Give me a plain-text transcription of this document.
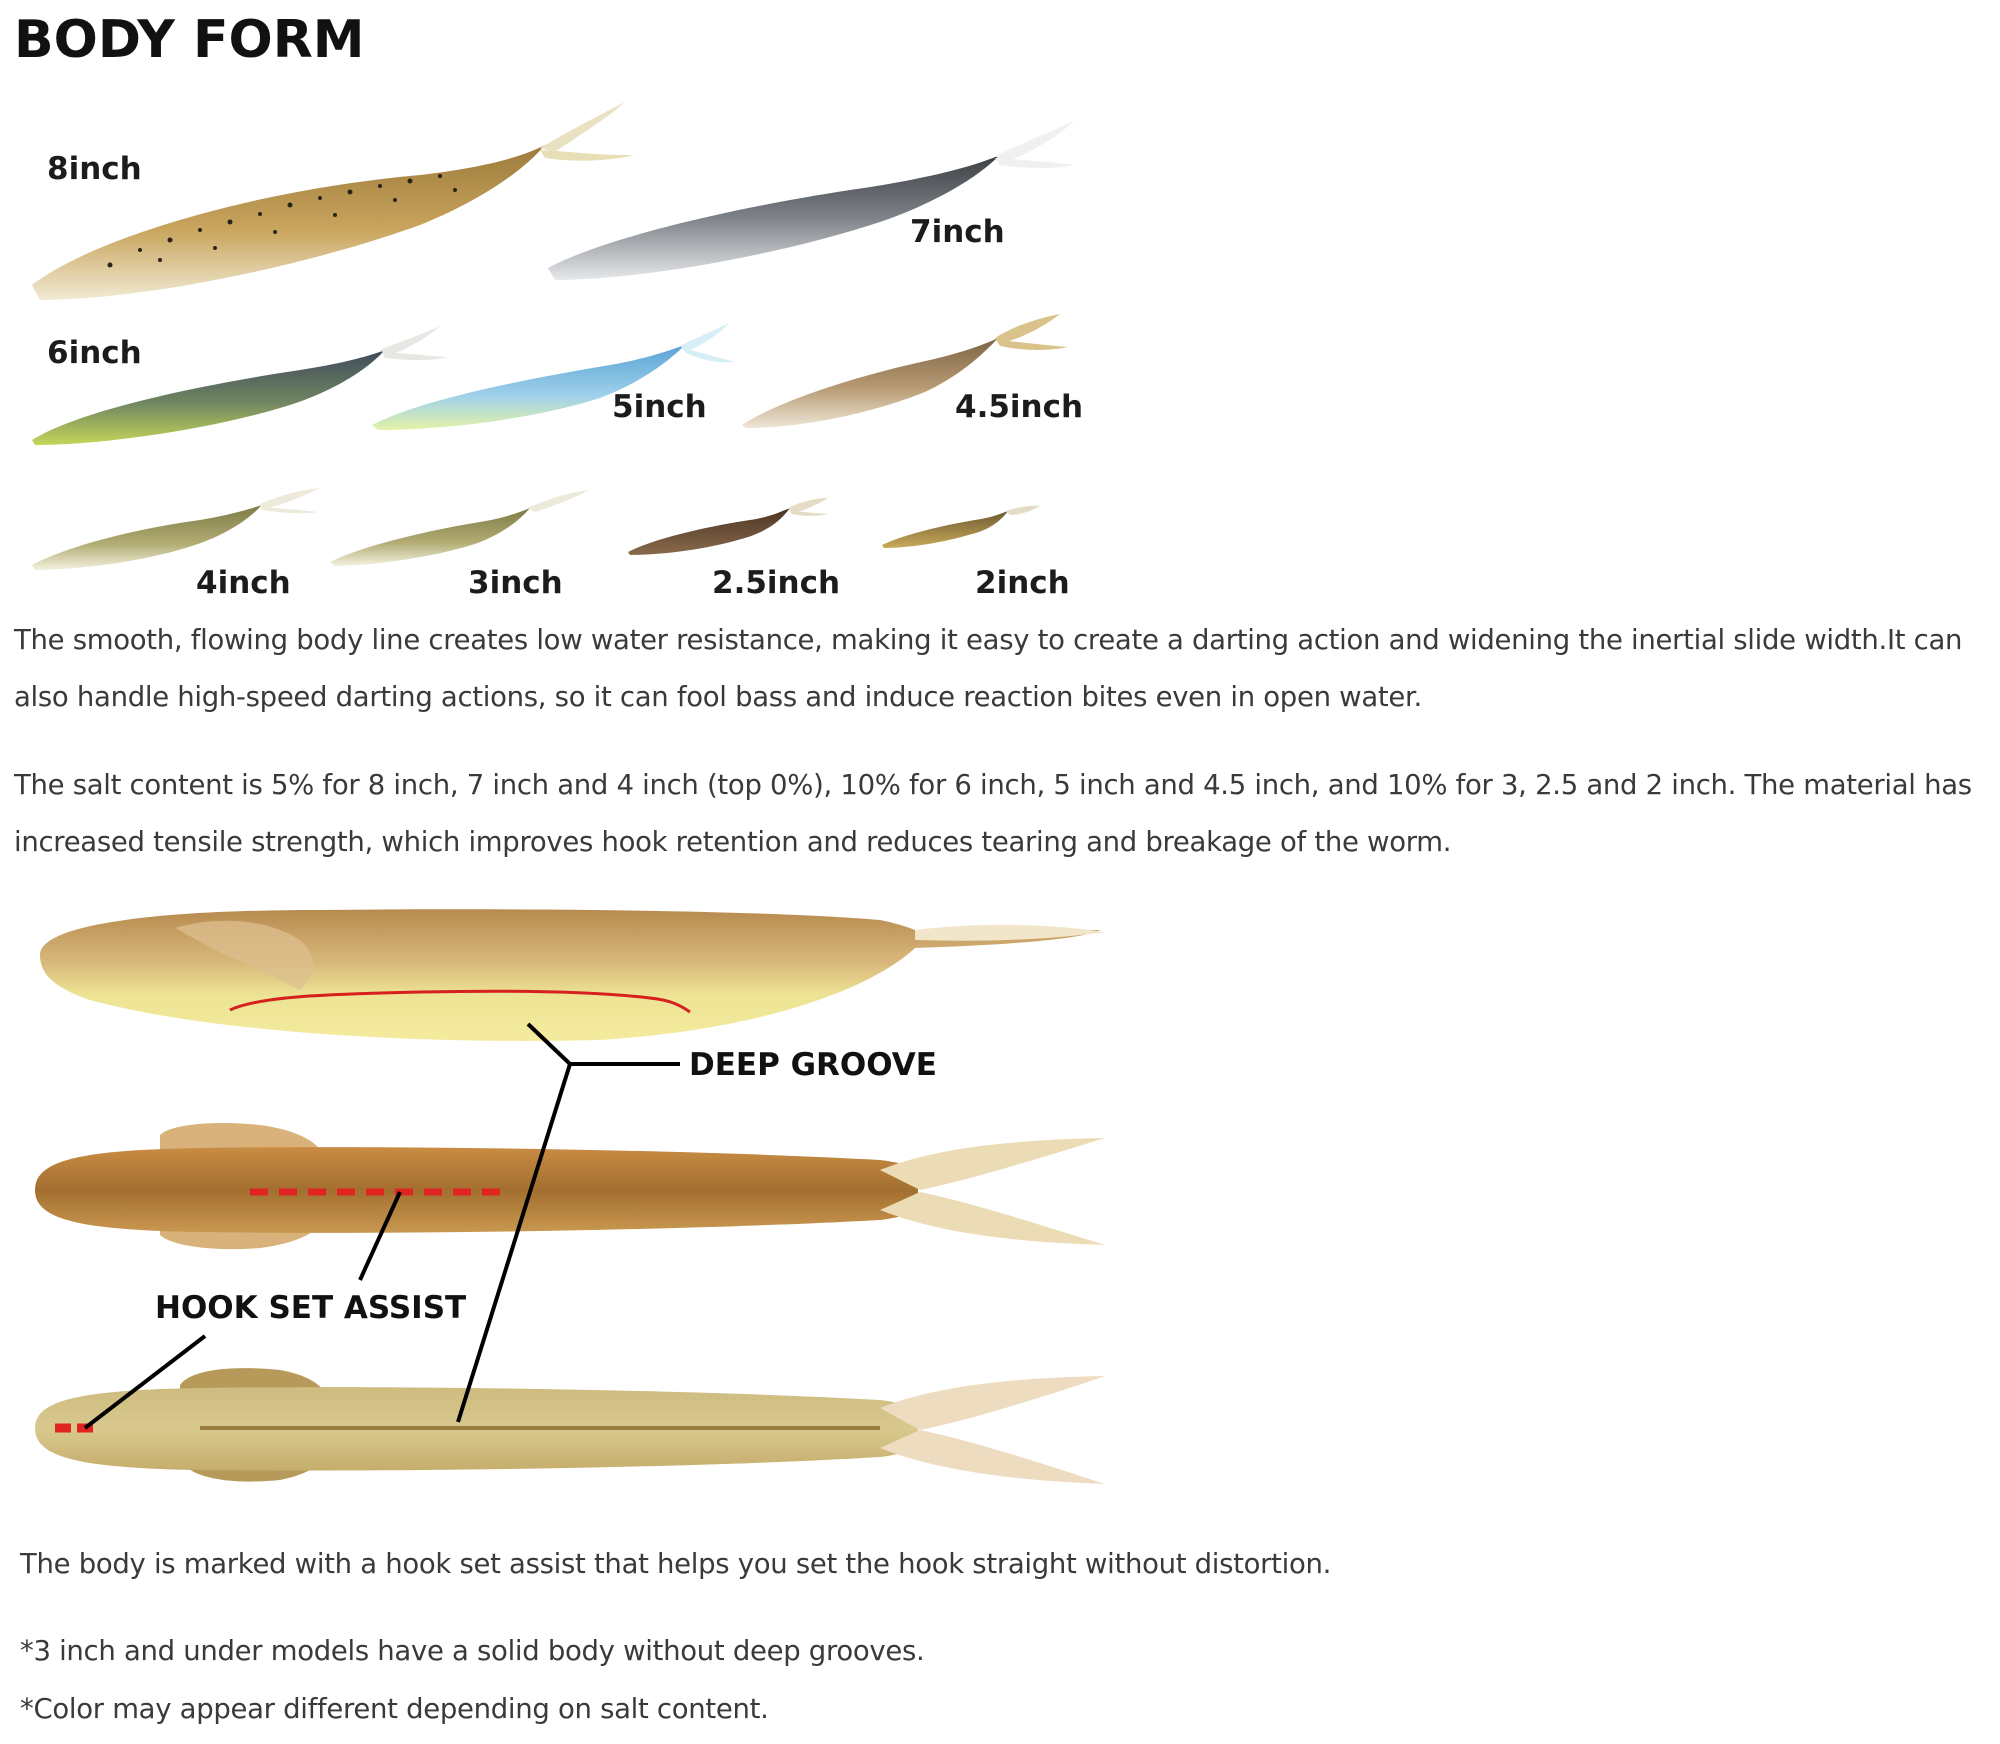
BODY FORM
8inch
7inch
6inch
5inch	4.5inch
4inch	3inch	2.5inch	2inch

The smooth, flowing body line creates low water resistance, making it easy to create a darting action and widening the inertial slide width.It can also handle high-speed darting actions, so it can fool bass and induce reaction bites even in open water.

The salt content is 5% for 8 inch, 7 inch and 4 inch (top 0%), 10% for 6 inch, 5 inch and 4.5 inch, and 10% for 3, 2.5 and 2 inch. The material has increased tensile strength, which improves hook retention and reduces tearing and breakage of the worm.

DEEP GROOVE
HOOK SET ASSIST

The body is marked with a hook set assist that helps you set the hook straight without distortion.

*3 inch and under models have a solid body without deep grooves.

*Color may appear different depending on salt content.
